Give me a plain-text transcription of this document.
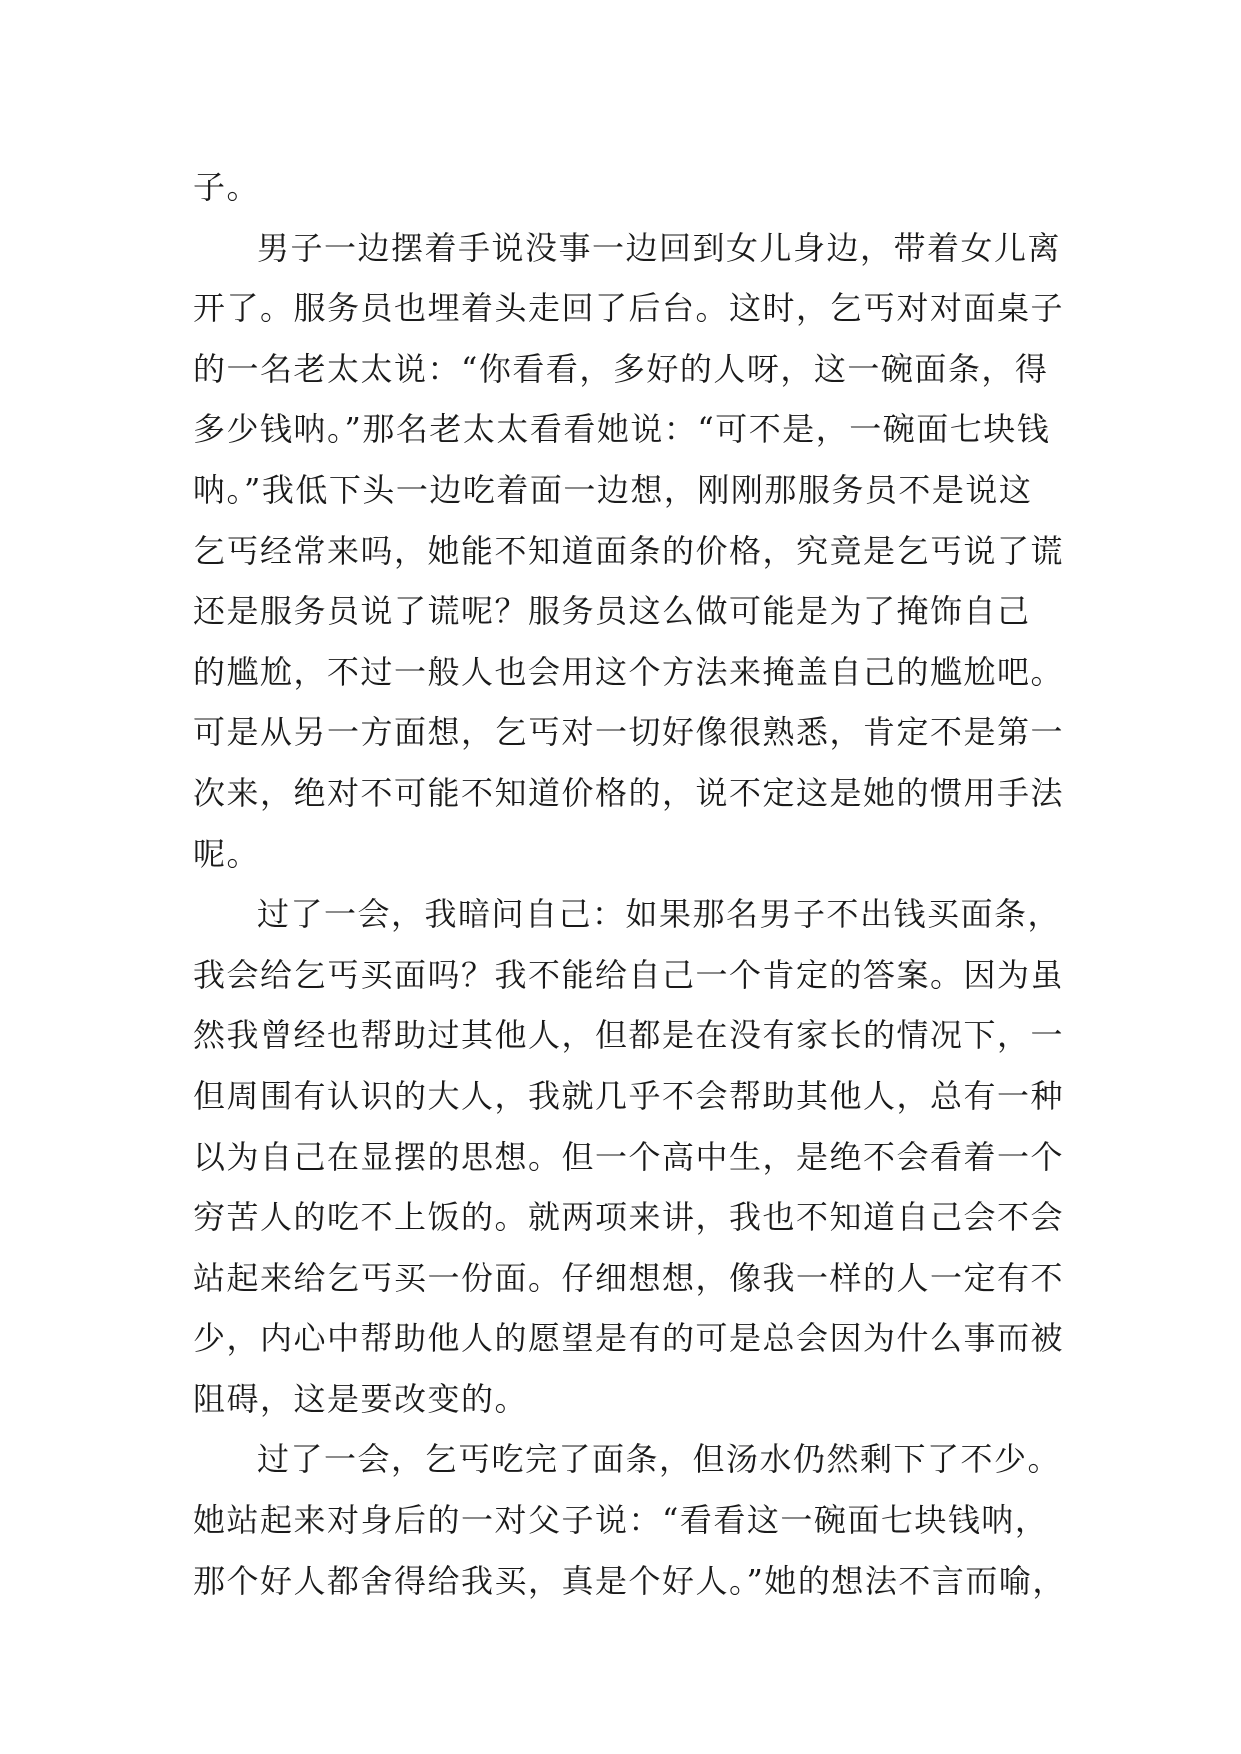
子。
男子一边摆着手说没事一边回到女儿身边，带着女儿离
开了。服务员也埋着头走回了后台。这时，乞丐对对面桌子
的一名老太太说：“你看看，多好的人呀，这一碗面条，得
多少钱呐。”那名老太太看看她说：“可不是，一碗面七块钱
呐。”我低下头一边吃着面一边想，刚刚那服务员不是说这
乞丐经常来吗，她能不知道面条的价格，究竟是乞丐说了谎
还是服务员说了谎呢？服务员这么做可能是为了掩饰自己
的尴尬，不过一般人也会用这个方法来掩盖自己的尴尬吧。
可是从另一方面想，乞丐对一切好像很熟悉，肯定不是第一
次来，绝对不可能不知道价格的，说不定这是她的惯用手法
呢。
过了一会，我暗问自己：如果那名男子不出钱买面条，
我会给乞丐买面吗？我不能给自己一个肯定的答案。因为虽
然我曾经也帮助过其他人，但都是在没有家长的情况下，一
但周围有认识的大人，我就几乎不会帮助其他人，总有一种
以为自己在显摆的思想。但一个高中生，是绝不会看着一个
穷苦人的吃不上饭的。就两项来讲，我也不知道自己会不会
站起来给乞丐买一份面。仔细想想，像我一样的人一定有不
少，内心中帮助他人的愿望是有的可是总会因为什么事而被
阻碍，这是要改变的。
过了一会，乞丐吃完了面条，但汤水仍然剩下了不少。
她站起来对身后的一对父子说：“看看这一碗面七块钱呐，
那个好人都舍得给我买，真是个好人。”她的想法不言而喻，
